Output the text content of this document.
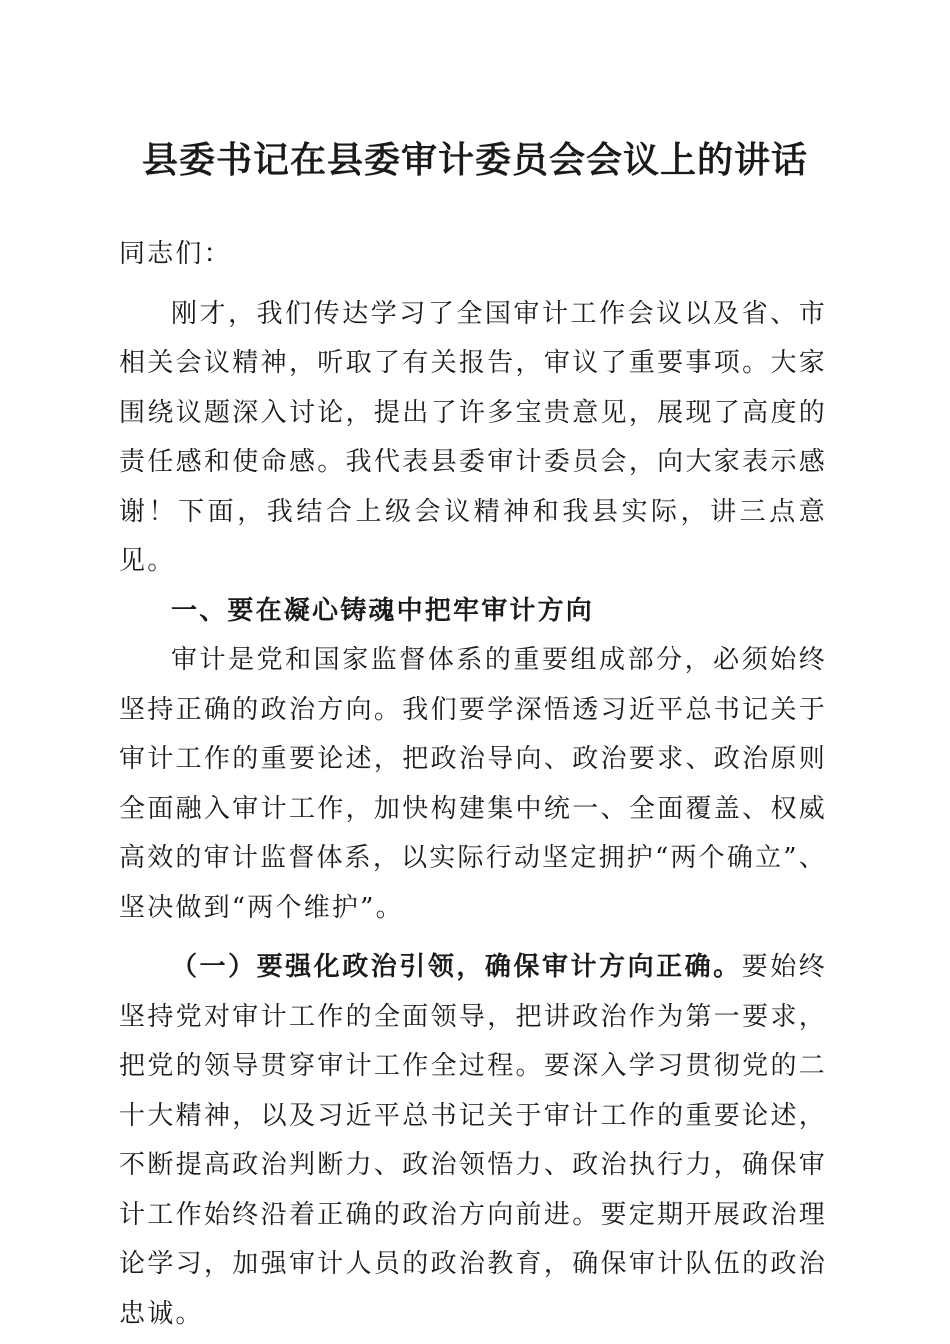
县委书记在县委审计委员会会议上的讲话

同志们：

刚才，我们传达学习了全国审计工作会议以及省、市相关会议精神，听取了有关报告，审议了重要事项。大家围绕议题深入讨论，提出了许多宝贵意见，展现了高度的责任感和使命感。我代表县委审计委员会，向大家表示感谢！下面，我结合上级会议精神和我县实际，讲三点意见。

一、要在凝心铸魂中把牢审计方向

审计是党和国家监督体系的重要组成部分，必须始终坚持正确的政治方向。我们要学深悟透习近平总书记关于审计工作的重要论述，把政治导向、政治要求、政治原则全面融入审计工作，加快构建集中统一、全面覆盖、权威高效的审计监督体系，以实际行动坚定拥护“两个确立”、坚决做到“两个维护”。

（一）要强化政治引领，确保审计方向正确。要始终坚持党对审计工作的全面领导，把讲政治作为第一要求，把党的领导贯穿审计工作全过程。要深入学习贯彻党的二十大精神，以及习近平总书记关于审计工作的重要论述，不断提高政治判断力、政治领悟力、政治执行力，确保审计工作始终沿着正确的政治方向前进。要定期开展政治理论学习，加强审计人员的政治教育，确保审计队伍的政治忠诚。
